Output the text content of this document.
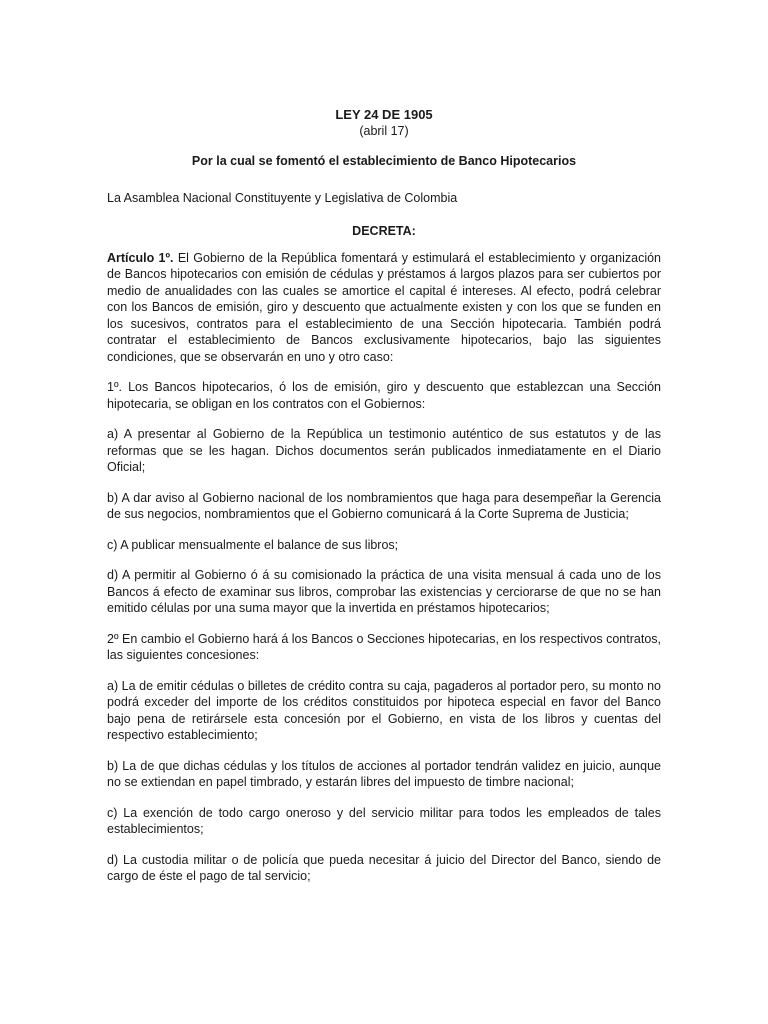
LEY 24 DE 1905

(abril 17)

Por la cual se fomentó el establecimiento de Banco Hipotecarios

La Asamblea Nacional Constituyente y Legislativa de Colombia

DECRETA:

Artículo 1º. El Gobierno de la República fomentará y estimulará el establecimiento y organización de Bancos hipotecarios con emisión de cédulas y préstamos á largos plazos para ser cubiertos por medio de anualidades con las cuales se amortice el capital é intereses. Al efecto, podrá celebrar con los Bancos de emisión, giro y descuento que actualmente existen y con los que se funden en los sucesivos, contratos para el establecimiento de una Sección hipotecaria. También podrá contratar el establecimiento de Bancos exclusivamente hipotecarios, bajo las siguientes condiciones, que se observarán en uno y otro caso:

1º. Los Bancos hipotecarios, ó los de emisión, giro y descuento que establezcan una Sección hipotecaria, se obligan en los contratos con el Gobiernos:

a) A presentar al Gobierno de la República un testimonio auténtico de sus estatutos y de las reformas que se les hagan. Dichos documentos serán publicados inmediatamente en el Diario Oficial;

b) A dar aviso al Gobierno nacional de los nombramientos que haga para desempeñar la Gerencia de sus negocios, nombramientos que el Gobierno comunicará á la Corte Suprema de Justicia;

c) A publicar mensualmente el balance de sus libros;

d) A permitir al Gobierno ó á su comisionado la práctica de una visita mensual á cada uno de los Bancos á efecto de examinar sus libros, comprobar las existencias y cerciorarse de que no se han emitido células por una suma mayor que la invertida en préstamos hipotecarios;

2º En cambio el Gobierno hará á los Bancos o Secciones hipotecarias, en los respectivos contratos, las siguientes concesiones:

a) La de emitir cédulas o billetes de crédito contra su caja, pagaderos al portador pero, su monto no podrá exceder del importe de los créditos constituidos por hipoteca especial en favor del Banco bajo pena de retirársele esta concesión por el Gobierno, en vista de los libros y cuentas del respectivo establecimiento;

b) La de que dichas cédulas y los títulos de acciones al portador tendrán validez en juicio, aunque no se extiendan en papel timbrado, y estarán libres del impuesto de timbre nacional;

c) La exención de todo cargo oneroso y del servicio militar para todos les empleados de tales establecimientos;

d) La custodia militar o de policía que pueda necesitar á juicio del Director del Banco, siendo de cargo de éste el pago de tal servicio;
